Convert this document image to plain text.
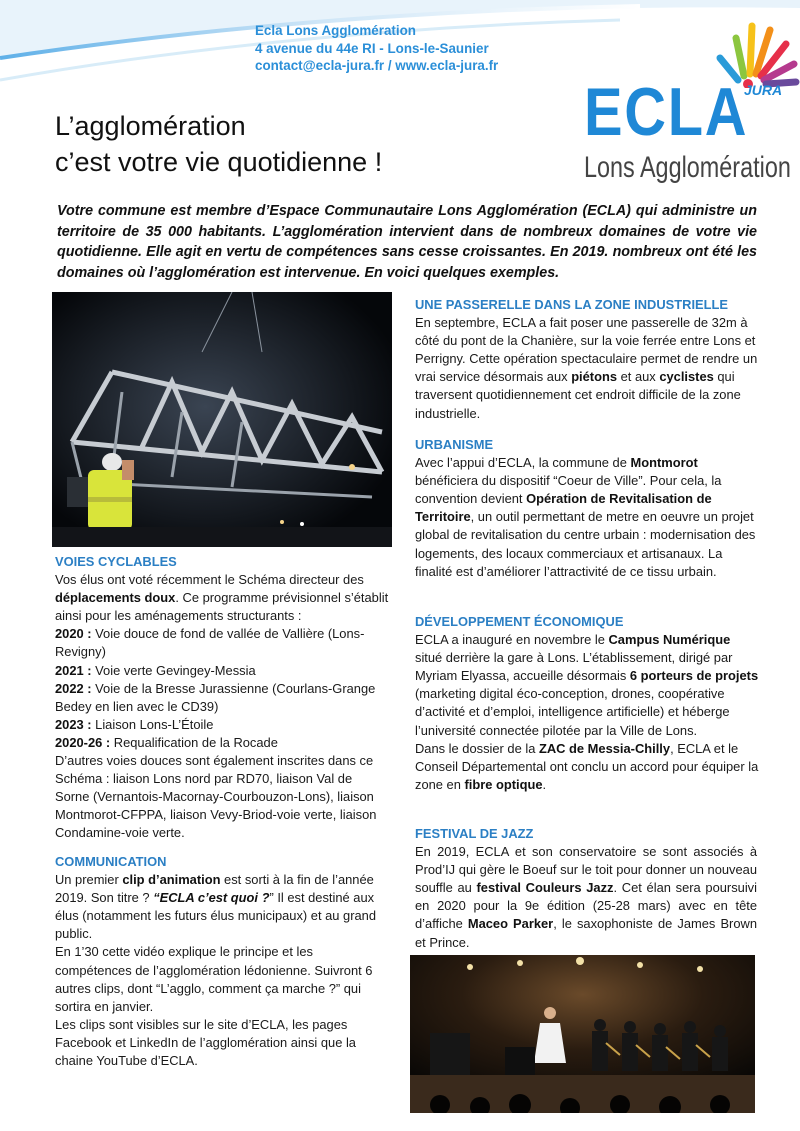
Ecla Lons Agglomération
4 avenue du 44e RI - Lons-le-Saunier
contact@ecla-jura.fr / www.ecla-jura.fr
ECLA
JURA
Lons Agglomération
L’agglomération
c’est votre vie quotidienne !

Votre commune est membre d’Espace Communautaire Lons Agglomération (ECLA) qui administre un territoire de 35 000 habitants. L’agglomération intervient dans de nombreux domaines de votre vie quotidienne. Elle agit en vertu de compétences sans cesse croissantes. En 2019. nombreux ont été les domaines où l’agglomération est intervenue. En voici quelques exemples.

VOIES CYCLABLES

Vos élus ont voté récemment le Schéma directeur des déplacements doux. Ce programme prévisionnel s’établit ainsi pour les aménagements structurants :

2020 : Voie douce de fond de vallée de Vallière (Lons-Revigny)
2021 : Voie verte Gevingey-Messia
2022 : Voie de la Bresse Jurassienne (Courlans-Grange Bedey en lien avec le CD39)
2023 : Liaison Lons-L’Étoile
2020-26 : Requalification de la Rocade

D’autres voies douces sont également inscrites dans ce Schéma : liaison Lons nord par RD70, liaison Val de Sorne (Vernantois-Macornay-Courbouzon-Lons), liaison Montmorot-CFPPA, liaison Vevy-Briod-voie verte, liaison Condamine-voie verte.

COMMUNICATION

Un premier clip d’animation est sorti à la fin de l’année 2019. Son titre ? “ECLA c’est quoi ?” Il est destiné aux élus (notamment les futurs élus municipaux) et au grand public.

En 1’30 cette vidéo explique le principe et les compétences de l’agglomération lédonienne. Suivront 6 autres clips, dont “L’agglo, comment ça marche ?” qui sortira en janvier.

Les clips sont visibles sur le site d’ECLA, les pages Facebook et LinkedIn de l’agglomération ainsi que la chaine YouTube d’ECLA.

UNE PASSERELLE DANS LA ZONE INDUSTRIELLE

En septembre, ECLA a fait poser une passerelle de 32m à côté du pont de la Chanière, sur la voie ferrée entre Lons et Perrigny. Cette opération spectaculaire permet de rendre un vrai service désormais aux piétons et aux cyclistes qui traversent quotidiennement cet endroit difficile de la zone industrielle.

URBANISME

Avec l’appui d’ECLA, la commune de Montmorot bénéficiera du dispositif “Coeur de Ville”. Pour cela, la convention devient Opération de Revitalisation de Territoire, un outil permettant de metre en oeuvre un projet global de revitalisation du centre urbain : modernisation des logements, des locaux commerciaux et artisanaux. La finalité est d’améliorer l’attractivité de ce tissu urbain.

DÉVELOPPEMENT ÉCONOMIQUE

ECLA a inauguré en novembre le Campus Numérique situé derrière la gare à Lons. L’établissement, dirigé par Myriam Elyassa, accueille désormais 6 porteurs de projets (marketing digital éco-conception, drones, coopérative d’activité et d’emploi, intelligence artificielle) et héberge l’université connectée pilotée par la Ville de Lons.

Dans le dossier de la ZAC de Messia-Chilly, ECLA et le Conseil Départemental ont conclu un accord pour équiper la zone en fibre optique.

FESTIVAL DE JAZZ

En 2019, ECLA et son conservatoire se sont associés à Prod’IJ qui gère le Boeuf sur le toit pour donner un nouveau souffle au festival Couleurs Jazz. Cet élan sera poursuivi en 2020 pour la 9e édition (25-28 mars) avec en tête d’affiche Maceo Parker, le saxophoniste de James Brown et Prince.
